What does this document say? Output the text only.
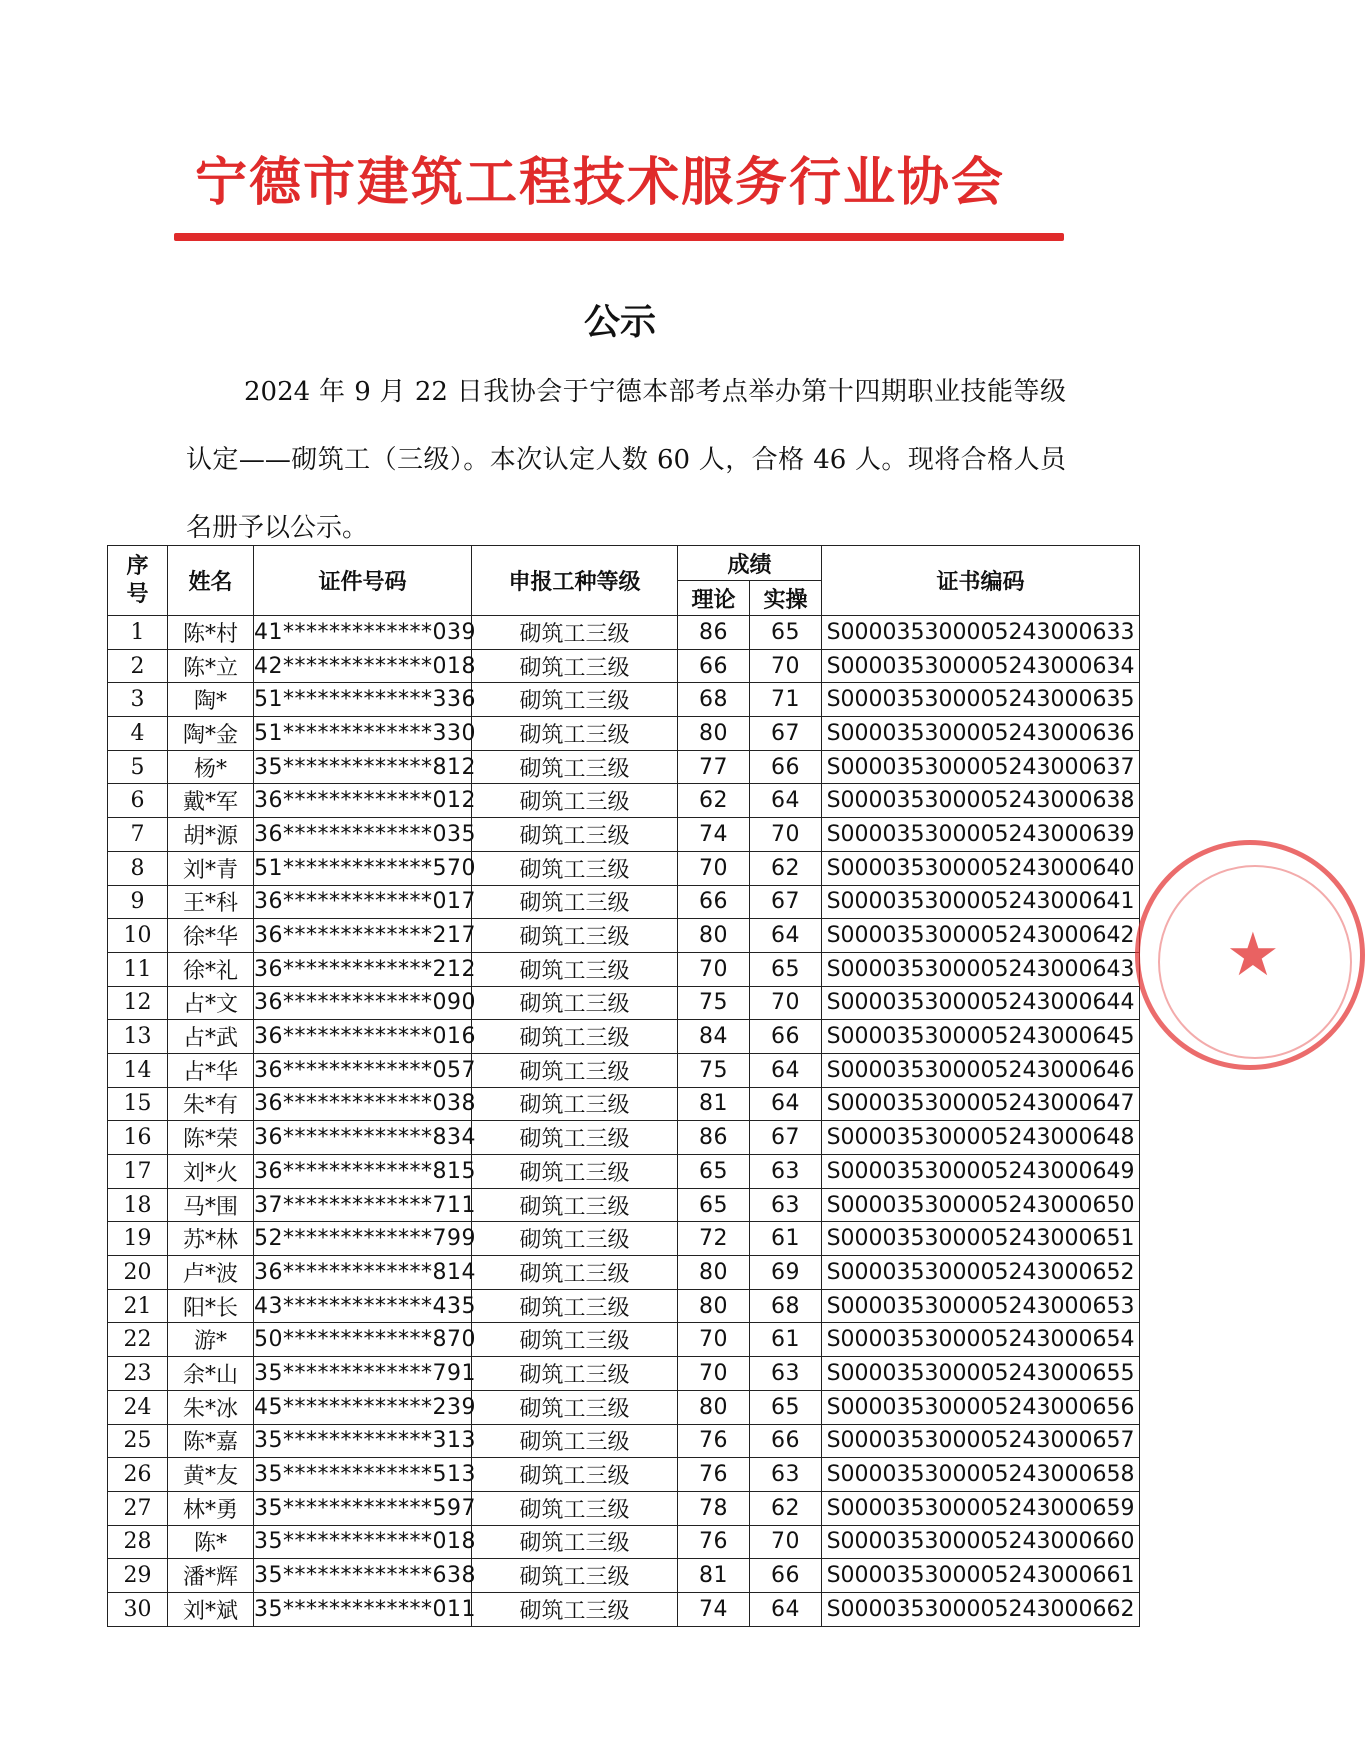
宁德市建筑工程技术服务行业协会
公示
2024 年 9 月 22 日我协会于宁德本部考点举办第十四期职业技能等级认定——砌筑工（三级）。本次认定人数 60 人，合格 46 人。现将合格人员名册予以公示。
序号	姓名	证件号码	申报工种等级	成绩		证书编码
				理论	实操	
1	陈*村	41*************039	砌筑工三级	86	65	S000035300005243000633
2	陈*立	42*************018	砌筑工三级	66	70	S000035300005243000634
3	陶*	51*************336	砌筑工三级	68	71	S000035300005243000635
4	陶*金	51*************330	砌筑工三级	80	67	S000035300005243000636
5	杨*	35*************812	砌筑工三级	77	66	S000035300005243000637
6	戴*军	36*************012	砌筑工三级	62	64	S000035300005243000638
7	胡*源	36*************035	砌筑工三级	74	70	S000035300005243000639
8	刘*青	51*************570	砌筑工三级	70	62	S000035300005243000640
9	王*科	36*************017	砌筑工三级	66	67	S000035300005243000641
10	徐*华	36*************217	砌筑工三级	80	64	S000035300005243000642
11	徐*礼	36*************212	砌筑工三级	70	65	S000035300005243000643
12	占*文	36*************090	砌筑工三级	75	70	S000035300005243000644
13	占*武	36*************016	砌筑工三级	84	66	S000035300005243000645
14	占*华	36*************057	砌筑工三级	75	64	S000035300005243000646
15	朱*有	36*************038	砌筑工三级	81	64	S000035300005243000647
16	陈*荣	36*************834	砌筑工三级	86	67	S000035300005243000648
17	刘*火	36*************815	砌筑工三级	65	63	S000035300005243000649
18	马*围	37*************711	砌筑工三级	65	63	S000035300005243000650
19	苏*林	52*************799	砌筑工三级	72	61	S000035300005243000651
20	卢*波	36*************814	砌筑工三级	80	69	S000035300005243000652
21	阳*长	43*************435	砌筑工三级	80	68	S000035300005243000653
22	游*	50*************870	砌筑工三级	70	61	S000035300005243000654
23	余*山	35*************791	砌筑工三级	70	63	S000035300005243000655
24	朱*冰	45*************239	砌筑工三级	80	65	S000035300005243000656
25	陈*嘉	35*************313	砌筑工三级	76	66	S000035300005243000657
26	黄*友	35*************513	砌筑工三级	76	63	S000035300005243000658
27	林*勇	35*************597	砌筑工三级	78	62	S000035300005243000659
28	陈*	35*************018	砌筑工三级	76	70	S000035300005243000660
29	潘*辉	35*************638	砌筑工三级	81	66	S000035300005243000661
30	刘*斌	35*************011	砌筑工三级	74	64	S000035300005243000662
★
